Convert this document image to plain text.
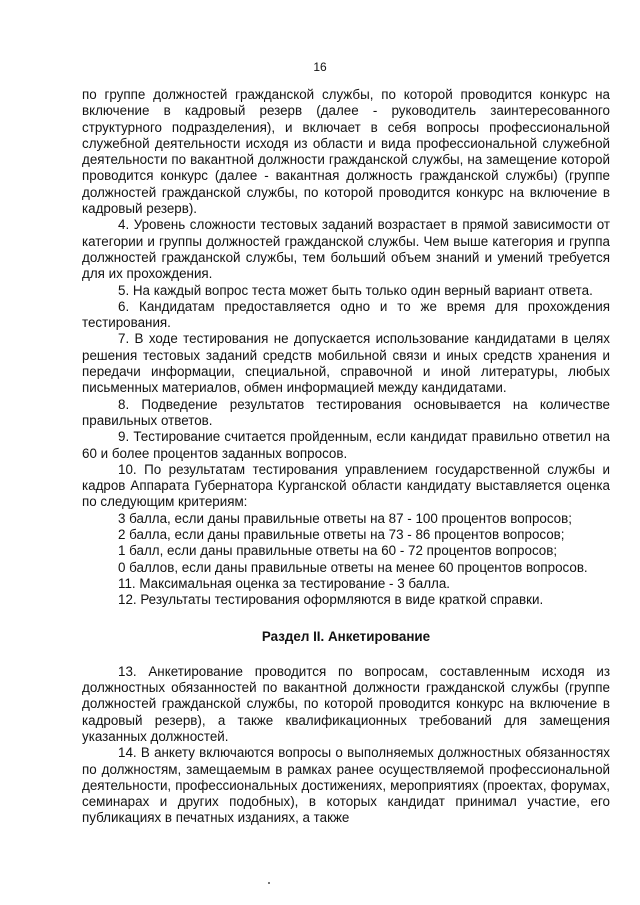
16

по группе должностей гражданской службы, по которой проводится конкурс на включение в кадровый резерв (далее - руководитель заинтересованного структурного подразделения), и включает в себя вопросы профессиональной служебной деятельности исходя из области и вида профессиональной служебной деятельности по вакантной должности гражданской службы, на замещение которой проводится конкурс (далее - вакантная должность гражданской службы) (группе должностей гражданской службы, по которой проводится конкурс на включение в кадровый резерв).

4. Уровень сложности тестовых заданий возрастает в прямой зависимости от категории и группы должностей гражданской службы. Чем выше категория и группа должностей гражданской службы, тем больший объем знаний и умений требуется для их прохождения.

5. На каждый вопрос теста может быть только один верный вариант ответа.

6. Кандидатам предоставляется одно и то же время для прохождения тестирования.

7. В ходе тестирования не допускается использование кандидатами в целях решения тестовых заданий средств мобильной связи и иных средств хранения и передачи информации, специальной, справочной и иной литературы, любых письменных материалов, обмен информацией между кандидатами.

8. Подведение результатов тестирования основывается на количестве правильных ответов.

9. Тестирование считается пройденным, если кандидат правильно ответил на 60 и более процентов заданных вопросов.

10. По результатам тестирования управлением государственной службы и кадров Аппарата Губернатора Курганской области кандидату выставляется оценка по следующим критериям:

3 балла, если даны правильные ответы на 87 - 100 процентов вопросов;

2 балла, если даны правильные ответы на 73 - 86 процентов вопросов;

1 балл, если даны правильные ответы на 60 - 72 процентов вопросов;

0 баллов, если даны правильные ответы на менее 60 процентов вопросов.

11. Максимальная оценка за тестирование - 3 балла.

12. Результаты тестирования оформляются в виде краткой справки.

Раздел II. Анкетирование

13. Анкетирование проводится по вопросам, составленным исходя из должностных обязанностей по вакантной должности гражданской службы (группе должностей гражданской службы, по которой проводится конкурс на включение в кадровый резерв), а также квалификационных требований для замещения указанных должностей.

14. В анкету включаются вопросы о выполняемых должностных обязанностях по должностям, замещаемым в рамках ранее осуществляемой профессиональной деятельности, профессиональных достижениях, мероприятиях (проектах, форумах, семинарах и других подобных), в которых кандидат принимал участие, его публикациях в печатных изданиях, а также
